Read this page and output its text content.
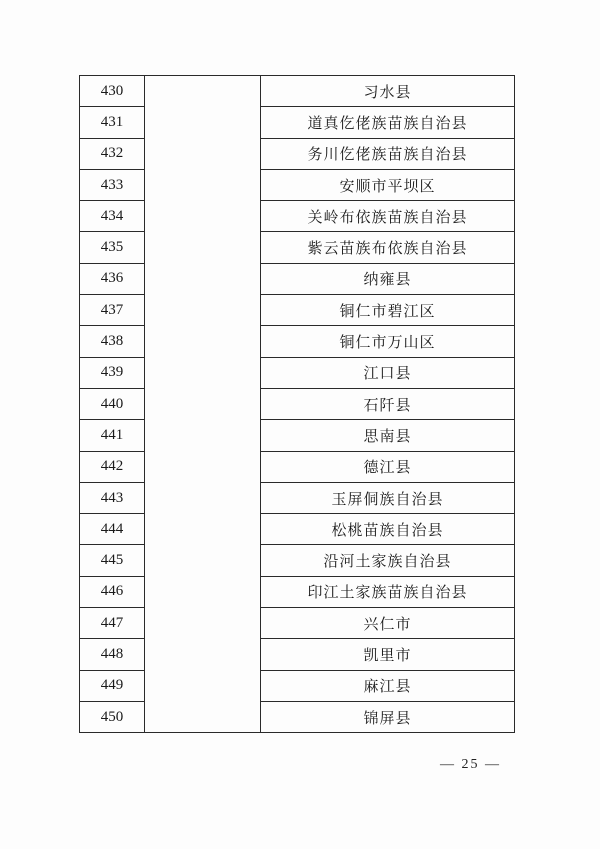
430		习水县
431		道真仡佬族苗族自治县
432		务川仡佬族苗族自治县
433		安顺市平坝区
434		关岭布依族苗族自治县
435		紫云苗族布依族自治县
436		纳雍县
437		铜仁市碧江区
438		铜仁市万山区
439		江口县
440		石阡县
441		思南县
442		德江县
443		玉屏侗族自治县
444		松桃苗族自治县
445		沿河土家族自治县
446		印江土家族苗族自治县
447		兴仁市
448		凯里市
449		麻江县
450		锦屏县
— 25 —
